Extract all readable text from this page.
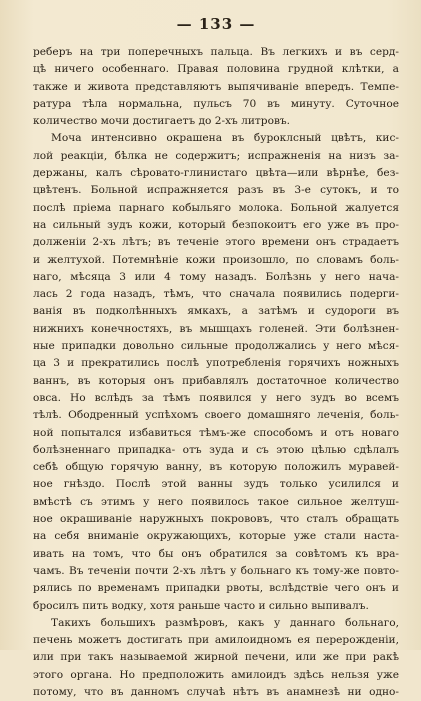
— 133 —
реберъ на три поперечныхъ пальца. Въ легкихъ и въ серд-
цѣ ничего особеннаго. Правая половина грудной клѣтки, а
также и живота представляютъ выпячиваніе впередъ. Темпе-
ратура тѣла нормальна, пульсъ 70 въ минуту. Суточное
количество мочи достигаетъ до 2-хъ литровъ.
Моча интенсивно окрашена въ буроклсный цвѣтъ, кис-
лой реакціи, бѣлка не содержитъ; испражненія на низъ за-
держаны, калъ сѣровато-глинистаго цвѣта—или вѣрнѣе, без-
цвѣтенъ. Больной испражняется разъ въ 3-е сутокъ, и то
послѣ пріема парнаго кобыльяго молока. Больной жалуется
на сильный зудъ кожи, который безпокоитъ его уже въ про-
долженіи 2-хъ лѣтъ; въ теченіе этого времени онъ страдаетъ
и желтухой. Потемнѣніе кожи произошло, по словамъ боль-
наго, мѣсяца 3 или 4 тому назадъ. Болѣзнь у него нача-
лась 2 года назадъ, тѣмъ, что сначала появились подерги-
ванія въ подколѣнныхъ ямкахъ, а затѣмъ и судороги въ
нижнихъ конечностяхъ, въ мышцахъ голеней. Эти болѣзнен-
ные припадки довольно сильные продолжались у него мѣся-
ца 3 и прекратились послѣ употребленія горячихъ ножныхъ
ваннъ, въ которыя онъ прибавлялъ достаточное количество
овса. Но вслѣдъ за тѣмъ появился у него зудъ во всемъ
тѣлѣ. Ободренный успѣхомъ своего домашняго леченія, боль-
ной попытался избавиться тѣмъ-же способомъ и отъ новаго
болѣзненнаго припадка- отъ зуда и съ этою цѣлью сдѣлалъ
себѣ общую горячую ванну, въ которую положилъ муравей-
ное гнѣздо. Послѣ этой ванны зудъ только усилился и
вмѣстѣ съ этимъ у него появилось такое сильное желтуш-
ное окрашиваніе наружныхъ покрововъ, что сталъ обращать
на себя вниманіе окружающихъ, которые уже стали наста-
ивать на томъ, что бы онъ обратился за совѣтомъ къ вра-
чамъ. Въ теченіи почти 2-хъ лѣтъ у больнаго къ тому-же повто-
рялись по временамъ припадки рвоты, вслѣдствіе чего онъ и
бросилъ пить водку, хотя раньше часто и сильно выпивалъ.
Такихъ большихъ размѣровъ, какъ у даннаго больнаго,
печень можетъ достигать при амилоидномъ ея перерожденіи,
или при такъ называемой жирной печени, или же при ракѣ
этого органа. Но предположить амилоидъ здѣсь нельзя уже
потому, что въ данномъ случаѣ нѣтъ въ анамнезѣ ни одно-
